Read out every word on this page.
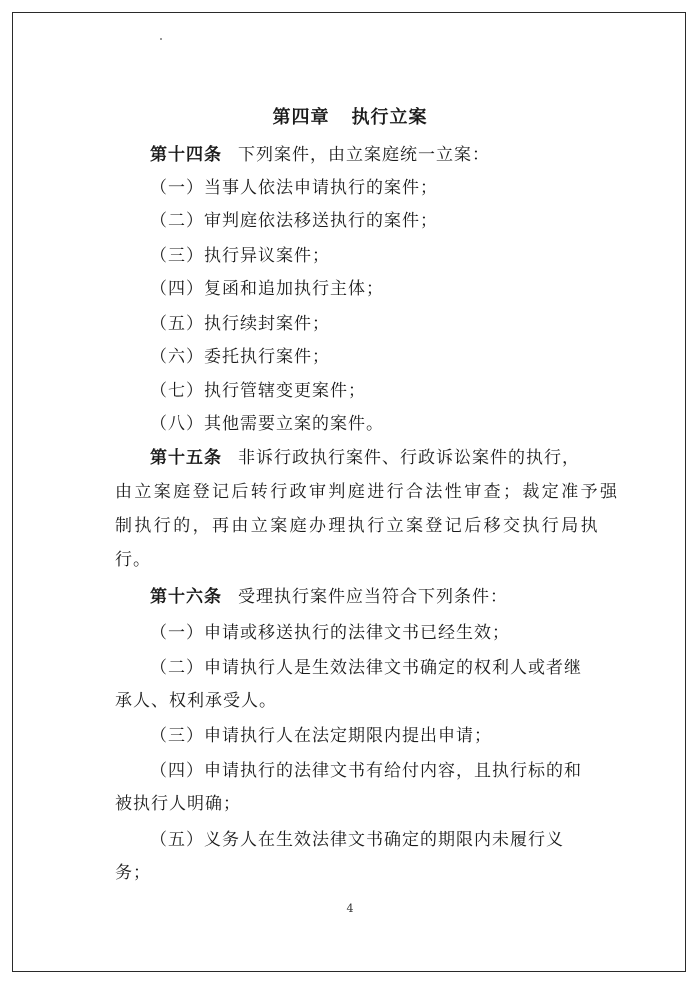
第四章 执行立案
第十四条 下列案件，由立案庭统一立案：
（一）当事人依法申请执行的案件；
（二）审判庭依法移送执行的案件；
（三）执行异议案件；
（四）复函和追加执行主体；
（五）执行续封案件；
（六）委托执行案件；
（七）执行管辖变更案件；
（八）其他需要立案的案件。
第十五条 非诉行政执行案件、行政诉讼案件的执行，
由立案庭登记后转行政审判庭进行合法性审查；裁定准予强
制执行的，再由立案庭办理执行立案登记后移交执行局执
行。
第十六条 受理执行案件应当符合下列条件：
（一）申请或移送执行的法律文书已经生效；
（二）申请执行人是生效法律文书确定的权利人或者继
承人、权利承受人。
（三）申请执行人在法定期限内提出申请；
（四）申请执行的法律文书有给付内容，且执行标的和
被执行人明确；
（五）义务人在生效法律文书确定的期限内未履行义
务；
4
